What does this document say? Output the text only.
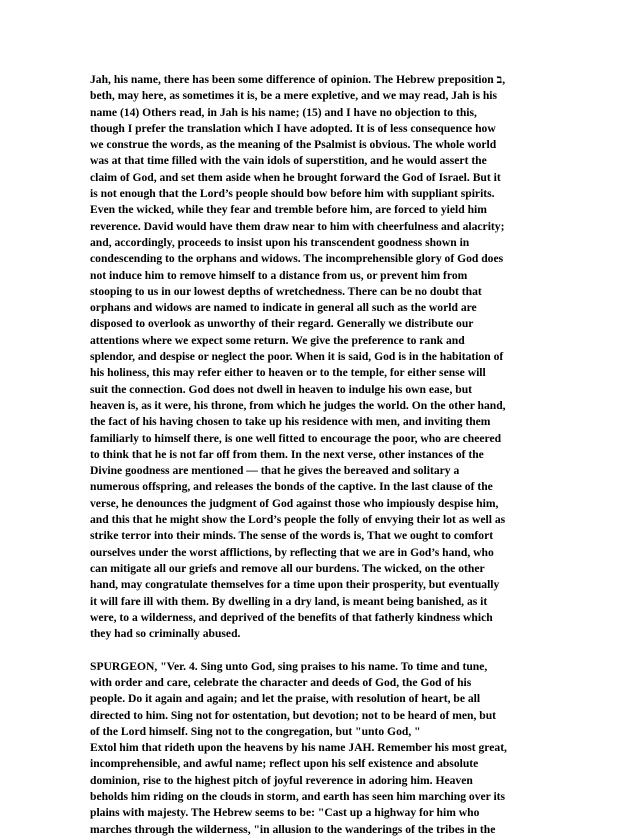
Jah, his name, there has been some difference of opinion. The Hebrew preposition ב,
beth, may here, as sometimes it is, be a mere expletive, and we may read, Jah is his
name (14) Others read, in Jah is his name; (15) and I have no objection to this,
though I prefer the translation which I have adopted. It is of less consequence how
we construe the words, as the meaning of the Psalmist is obvious. The whole world
was at that time filled with the vain idols of superstition, and he would assert the
claim of God, and set them aside when he brought forward the God of Israel. But it
is not enough that the Lord’s people should bow before him with suppliant spirits.
Even the wicked, while they fear and tremble before him, are forced to yield him
reverence. David would have them draw near to him with cheerfulness and alacrity;
and, accordingly, proceeds to insist upon his transcendent goodness shown in
condescending to the orphans and widows. The incomprehensible glory of God does
not induce him to remove himself to a distance from us, or prevent him from
stooping to us in our lowest depths of wretchedness. There can be no doubt that
orphans and widows are named to indicate in general all such as the world are
disposed to overlook as unworthy of their regard. Generally we distribute our
attentions where we expect some return. We give the preference to rank and
splendor, and despise or neglect the poor. When it is said, God is in the habitation of
his holiness, this may refer either to heaven or to the temple, for either sense will
suit the connection. God does not dwell in heaven to indulge his own ease, but
heaven is, as it were, his throne, from which he judges the world. On the other hand,
the fact of his having chosen to take up his residence with men, and inviting them
familiarly to himself there, is one well fitted to encourage the poor, who are cheered
to think that he is not far off from them. In the next verse, other instances of the
Divine goodness are mentioned — that he gives the bereaved and solitary a
numerous offspring, and releases the bonds of the captive. In the last clause of the
verse, he denounces the judgment of God against those who impiously despise him,
and this that he might show the Lord’s people the folly of envying their lot as well as
strike terror into their minds. The sense of the words is, That we ought to comfort
ourselves under the worst afflictions, by reflecting that we are in God’s hand, who
can mitigate all our griefs and remove all our burdens. The wicked, on the other
hand, may congratulate themselves for a time upon their prosperity, but eventually
it will fare ill with them. By dwelling in a dry land, is meant being banished, as it
were, to a wilderness, and deprived of the benefits of that fatherly kindness which
they had so criminally abused.
SPURGEON, "Ver. 4. Sing unto God, sing praises to his name. To time and tune,
with order and care, celebrate the character and deeds of God, the God of his
people. Do it again and again; and let the praise, with resolution of heart, be all
directed to him. Sing not for ostentation, but devotion; not to be heard of men, but
of the Lord himself. Sing not to the congregation, but "unto God, "
Extol him that rideth upon the heavens by his name JAH. Remember his most great,
incomprehensible, and awful name; reflect upon his self existence and absolute
dominion, rise to the highest pitch of joyful reverence in adoring him. Heaven
beholds him riding on the clouds in storm, and earth has seen him marching over its
plains with majesty. The Hebrew seems to be: "Cast up a highway for him who
marches through the wilderness, "in allusion to the wanderings of the tribes in the
